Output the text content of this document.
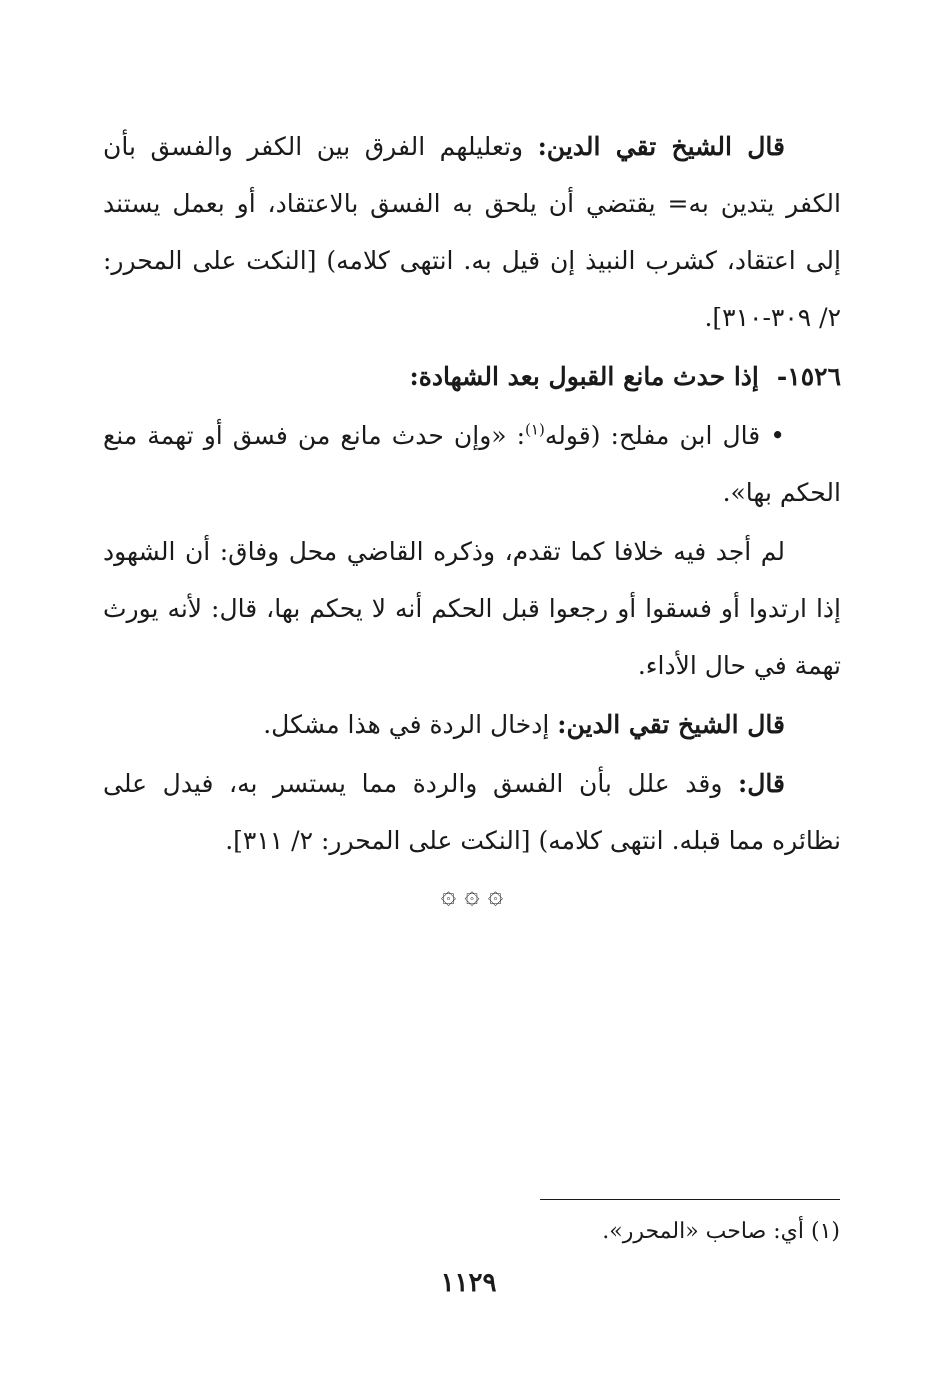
قال الشيخ تقي الدين: وتعليلهم الفرق بين الكفر والفسق بأن الكفر يتدين به= يقتضي أن يلحق به الفسق بالاعتقاد، أو بعمل يستند إلى اعتقاد، كشرب النبيذ إن قيل به. انتهى كلامه) [النكت على المحرر: ٢/ ٣٠٩-٣١٠].

١٥٢٦-إذا حدث مانع القبول بعد الشهادة:

• قال ابن مفلح: (قوله$^{(١)}$: «وإن حدث مانع من فسق أو تهمة منع الحكم بها».

لم أجد فيه خلافا كما تقدم، وذكره القاضي محل وفاق: أن الشهود إذا ارتدوا أو فسقوا أو رجعوا قبل الحكم أنه لا يحكم بها، قال: لأنه يورث تهمة في حال الأداء.

قال الشيخ تقي الدين: إدخال الردة في هذا مشكل.

قال: وقد علل بأن الفسق والردة مما يستسر به، فيدل على نظائره مما قبله. انتهى كلامه) [النكت على المحرر: ٢/ ٣١١].

۞ ۞ ۞
(١) أي: صاحب «المحرر».
١١٢٩
